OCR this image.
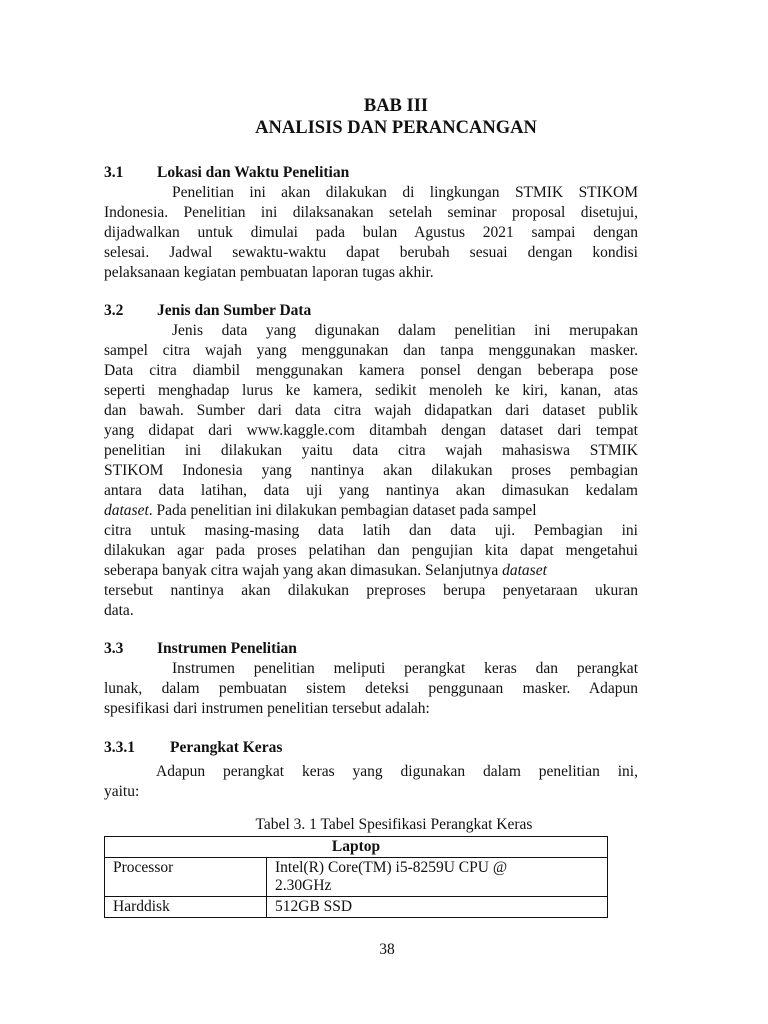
BAB III
ANALISIS DAN PERANCANGAN
3.1 Lokasi dan Waktu Penelitian
Penelitian ini akan dilakukan di lingkungan STMIK STIKOM
Indonesia. Penelitian ini dilaksanakan setelah seminar proposal disetujui,
dijadwalkan untuk dimulai pada bulan Agustus 2021 sampai dengan
selesai. Jadwal sewaktu-waktu dapat berubah sesuai dengan kondisi
pelaksanaan kegiatan pembuatan laporan tugas akhir.
3.2 Jenis dan Sumber Data
Jenis data yang digunakan dalam penelitian ini merupakan
sampel citra wajah yang menggunakan dan tanpa menggunakan masker.
Data citra diambil menggunakan kamera ponsel dengan beberapa pose
seperti menghadap lurus ke kamera, sedikit menoleh ke kiri, kanan, atas
dan bawah. Sumber dari data citra wajah didapatkan dari dataset publik
yang didapat dari www.kaggle.com ditambah dengan dataset dari tempat
penelitian ini dilakukan yaitu data citra wajah mahasiswa STMIK
STIKOM Indonesia yang nantinya akan dilakukan proses pembagian
antara data latihan, data uji yang nantinya akan dimasukan kedalam
dataset. Pada penelitian ini dilakukan pembagian dataset pada sampel
citra untuk masing-masing data latih dan data uji. Pembagian ini
dilakukan agar pada proses pelatihan dan pengujian kita dapat mengetahui
seberapa banyak citra wajah yang akan dimasukan. Selanjutnya dataset
tersebut nantinya akan dilakukan preproses berupa penyetaraan ukuran
data.
3.3 Instrumen Penelitian
Instrumen penelitian meliputi perangkat keras dan perangkat
lunak, dalam pembuatan sistem deteksi penggunaan masker. Adapun
spesifikasi dari instrumen penelitian tersebut adalah:
3.3.1 Perangkat Keras
Adapun perangkat keras yang digunakan dalam penelitian ini,
yaitu:
Tabel 3. 1 Tabel Spesifikasi Perangkat Keras
Laptop	
Processor	Intel(R) Core(TM) i5-8259U CPU @
2.30GHz

Harddisk	512GB SSD
38
